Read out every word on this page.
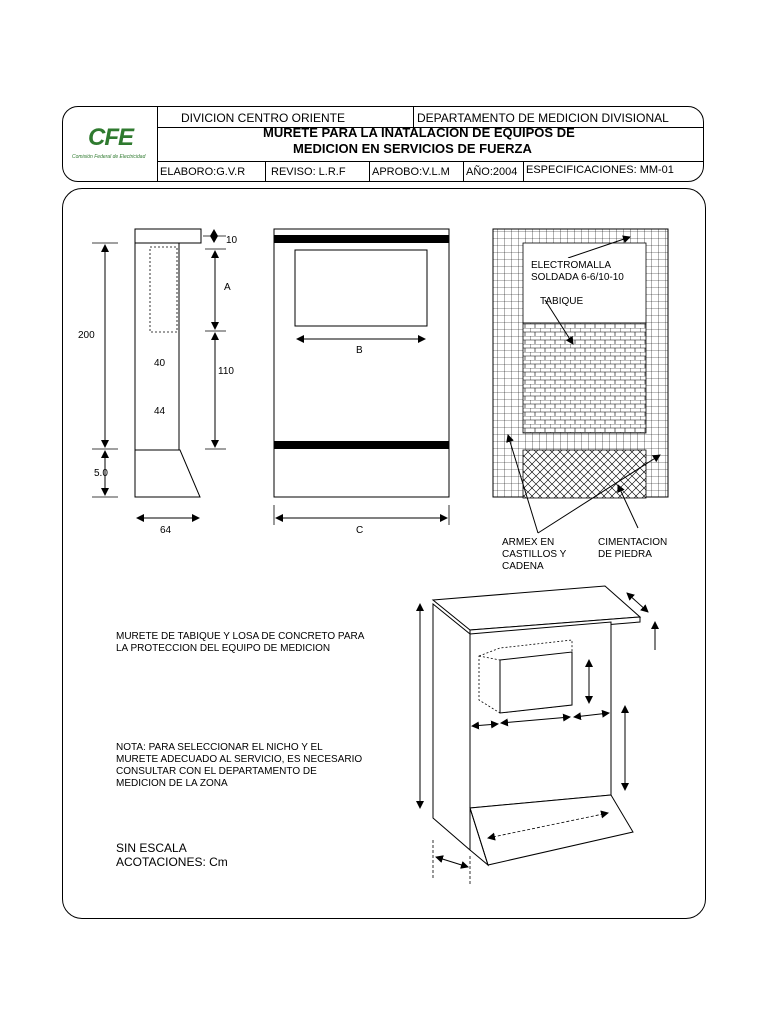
DIVICION CENTRO ORIENTE	DEPARTAMENTO DE MEDICION DIVISIONAL
MURETE PARA LA INATALACION DE EQUIPOS DE
MEDICION EN SERVICIOS DE FUERZA
ELABORO:G.V.R REVISO: L.R.F APROBO:V.L.M AÑO:2004 ESPECIFICACIONES: MM-01
CFE
Comisión Federal de Electricidad
10
A
200
40
110
44
5.0
64
B
C
ELECTROMALLA
SOLDADA 6-6/10-10
TABIQUE
ARMEX EN
CASTILLOS Y
CADENA
CIMENTACION
DE PIEDRA
MURETE DE TABIQUE Y LOSA DE CONCRETO PARA
LA PROTECCION DEL EQUIPO DE MEDICION
NOTA: PARA SELECCIONAR EL NICHO Y EL
MURETE ADECUADO AL SERVICIO, ES NECESARIO
CONSULTAR CON EL DEPARTAMENTO DE
MEDICION DE LA ZONA
SIN ESCALA
ACOTACIONES: Cm
